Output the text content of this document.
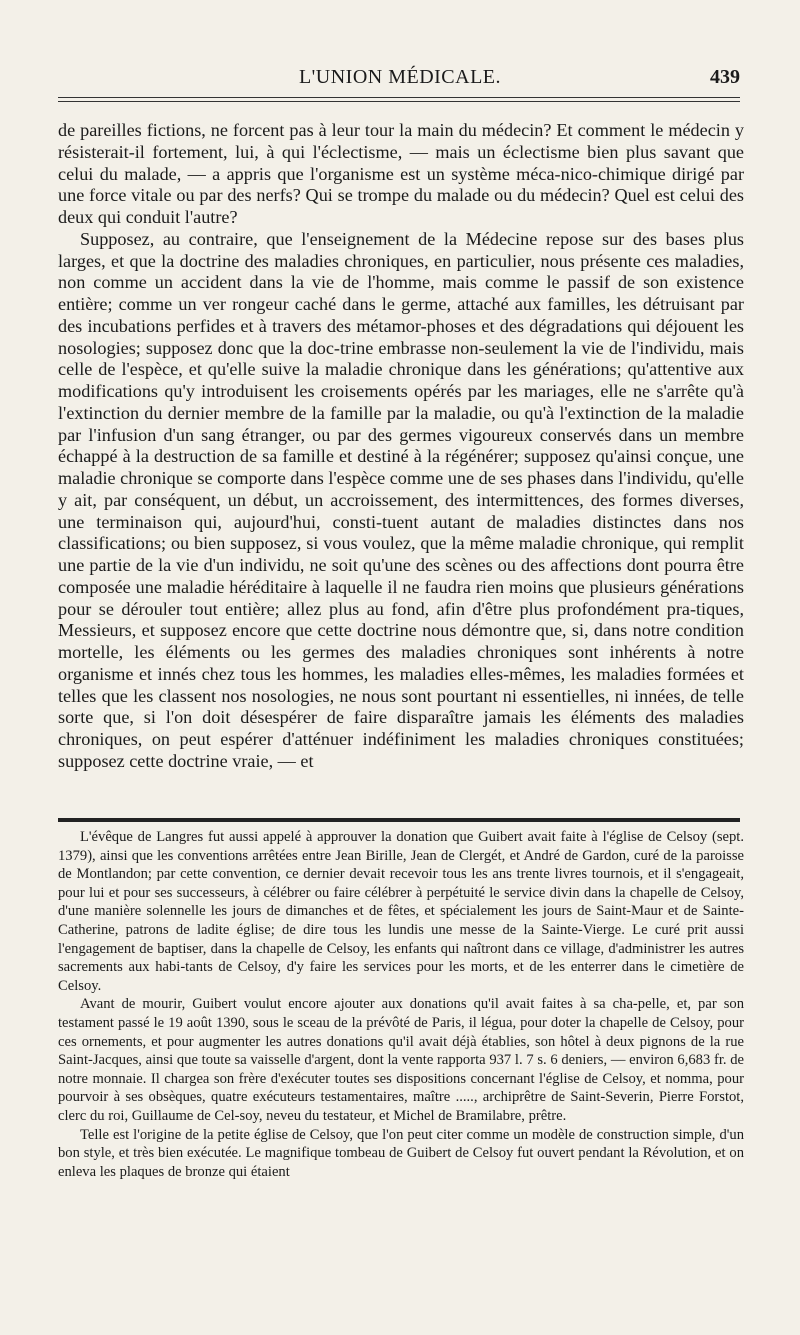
L'UNION MÉDICALE.	439

de pareilles fictions, ne forcent pas à leur tour la main du médecin? Et comment le médecin y résisterait-il fortement, lui, à qui l'éclectisme, — mais un éclectisme bien plus savant que celui du malade, — a appris que l'organisme est un système méca-nico-chimique dirigé par une force vitale ou par des nerfs? Qui se trompe du malade ou du médecin? Quel est celui des deux qui conduit l'autre?

Supposez, au contraire, que l'enseignement de la Médecine repose sur des bases plus larges, et que la doctrine des maladies chroniques, en particulier, nous présente ces maladies, non comme un accident dans la vie de l'homme, mais comme le passif de son existence entière; comme un ver rongeur caché dans le germe, attaché aux familles, les détruisant par des incubations perfides et à travers des métamor-phoses et des dégradations qui déjouent les nosologies; supposez donc que la doc-trine embrasse non-seulement la vie de l'individu, mais celle de l'espèce, et qu'elle suive la maladie chronique dans les générations; qu'attentive aux modifications qu'y introduisent les croisements opérés par les mariages, elle ne s'arrête qu'à l'extinction du dernier membre de la famille par la maladie, ou qu'à l'extinction de la maladie par l'infusion d'un sang étranger, ou par des germes vigoureux conservés dans un membre échappé à la destruction de sa famille et destiné à la régénérer; supposez qu'ainsi conçue, une maladie chronique se comporte dans l'espèce comme une de ses phases dans l'individu, qu'elle y ait, par conséquent, un début, un accroissement, des intermittences, des formes diverses, une terminaison qui, aujourd'hui, consti-tuent autant de maladies distinctes dans nos classifications; ou bien supposez, si vous voulez, que la même maladie chronique, qui remplit une partie de la vie d'un individu, ne soit qu'une des scènes ou des affections dont pourra être composée une maladie héréditaire à laquelle il ne faudra rien moins que plusieurs générations pour se dérouler tout entière; allez plus au fond, afin d'être plus profondément pra-tiques, Messieurs, et supposez encore que cette doctrine nous démontre que, si, dans notre condition mortelle, les éléments ou les germes des maladies chroniques sont inhérents à notre organisme et innés chez tous les hommes, les maladies elles-mêmes, les maladies formées et telles que les classent nos nosologies, ne nous sont pourtant ni essentielles, ni innées, de telle sorte que, si l'on doit désespérer de faire disparaître jamais les éléments des maladies chroniques, on peut espérer d'atténuer indéfiniment les maladies chroniques constituées; supposez cette doctrine vraie, — et

L'évêque de Langres fut aussi appelé à approuver la donation que Guibert avait faite à l'église de Celsoy (sept. 1379), ainsi que les conventions arrêtées entre Jean Birille, Jean de Clergét, et André de Gardon, curé de la paroisse de Montlandon; par cette convention, ce dernier devait recevoir tous les ans trente livres tournois, et il s'engageait, pour lui et pour ses successeurs, à célébrer ou faire célébrer à perpétuité le service divin dans la chapelle de Celsoy, d'une manière solennelle les jours de dimanches et de fêtes, et spécialement les jours de Saint-Maur et de Sainte-Catherine, patrons de ladite église; de dire tous les lundis une messe de la Sainte-Vierge. Le curé prit aussi l'engagement de baptiser, dans la chapelle de Celsoy, les enfants qui naîtront dans ce village, d'administrer les autres sacrements aux habi-tants de Celsoy, d'y faire les services pour les morts, et de les enterrer dans le cimetière de Celsoy.

Avant de mourir, Guibert voulut encore ajouter aux donations qu'il avait faites à sa cha-pelle, et, par son testament passé le 19 août 1390, sous le sceau de la prévôté de Paris, il légua, pour doter la chapelle de Celsoy, pour ces ornements, et pour augmenter les autres donations qu'il avait déjà établies, son hôtel à deux pignons de la rue Saint-Jacques, ainsi que toute sa vaisselle d'argent, dont la vente rapporta 937 l. 7 s. 6 deniers, — environ 6,683 fr. de notre monnaie. Il chargea son frère d'exécuter toutes ses dispositions concernant l'église de Celsoy, et nomma, pour pourvoir à ses obsèques, quatre exécuteurs testamentaires, maître ....., archiprêtre de Saint-Severin, Pierre Forstot, clerc du roi, Guillaume de Cel-soy, neveu du testateur, et Michel de Bramilabre, prêtre.

Telle est l'origine de la petite église de Celsoy, que l'on peut citer comme un modèle de construction simple, d'un bon style, et très bien exécutée. Le magnifique tombeau de Guibert de Celsoy fut ouvert pendant la Révolution, et on enleva les plaques de bronze qui étaient
